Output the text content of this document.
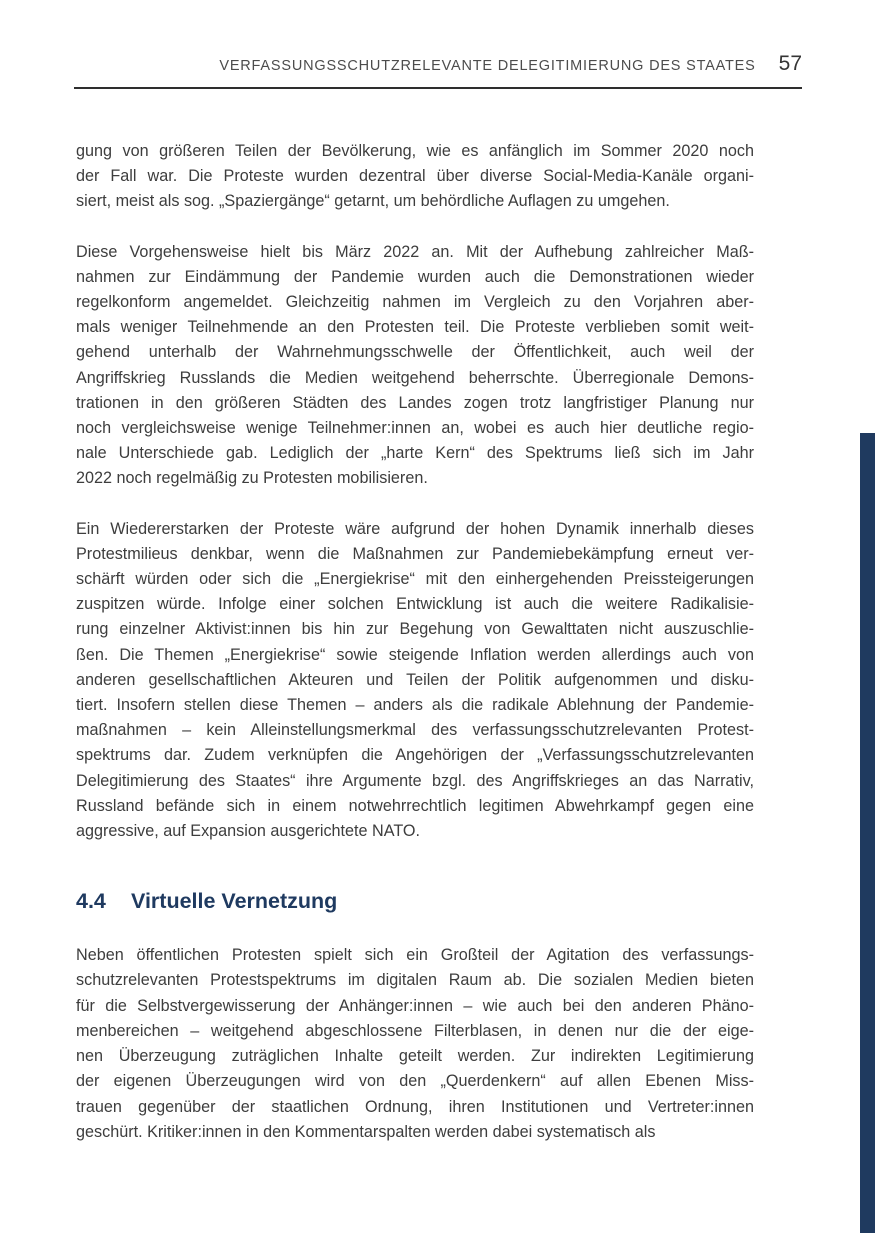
VERFASSUNGSSCHUTZRELEVANTE DELEGITIMIERUNG DES STAATES 57
gung von größeren Teilen der Bevölkerung, wie es anfänglich im Sommer 2020 noch
der Fall war. Die Proteste wurden dezentral über diverse Social-Media-Kanäle organi-
siert, meist als sog. „Spaziergänge“ getarnt, um behördliche Auflagen zu umgehen.
Diese Vorgehensweise hielt bis März 2022 an. Mit der Aufhebung zahlreicher Maß-
nahmen zur Eindämmung der Pandemie wurden auch die Demonstrationen wieder
regelkonform angemeldet. Gleichzeitig nahmen im Vergleich zu den Vorjahren aber-
mals weniger Teilnehmende an den Protesten teil. Die Proteste verblieben somit weit-
gehend unterhalb der Wahrnehmungsschwelle der Öffentlichkeit, auch weil der
Angriffskrieg Russlands die Medien weitgehend beherrschte. Überregionale Demons-
trationen in den größeren Städten des Landes zogen trotz langfristiger Planung nur
noch vergleichsweise wenige Teilnehmer:innen an, wobei es auch hier deutliche regio-
nale Unterschiede gab. Lediglich der „harte Kern“ des Spektrums ließ sich im Jahr
2022 noch regelmäßig zu Protesten mobilisieren.
Ein Wiedererstarken der Proteste wäre aufgrund der hohen Dynamik innerhalb dieses
Protestmilieus denkbar, wenn die Maßnahmen zur Pandemiebekämpfung erneut ver-
schärft würden oder sich die „Energiekrise“ mit den einhergehenden Preissteigerungen
zuspitzen würde. Infolge einer solchen Entwicklung ist auch die weitere Radikalisie-
rung einzelner Aktivist:innen bis hin zur Begehung von Gewalttaten nicht auszuschlie-
ßen. Die Themen „Energiekrise“ sowie steigende Inflation werden allerdings auch von
anderen gesellschaftlichen Akteuren und Teilen der Politik aufgenommen und disku-
tiert. Insofern stellen diese Themen – anders als die radikale Ablehnung der Pandemie-
maßnahmen – kein Alleinstellungsmerkmal des verfassungsschutzrelevanten Protest-
spektrums dar. Zudem verknüpfen die Angehörigen der „Verfassungsschutzrelevanten
Delegitimierung des Staates“ ihre Argumente bzgl. des Angriffskrieges an das Narrativ,
Russland befände sich in einem notwehrrechtlich legitimen Abwehrkampf gegen eine
aggressive, auf Expansion ausgerichtete NATO.
4.4	Virtuelle Vernetzung
Neben öffentlichen Protesten spielt sich ein Großteil der Agitation des verfassungs-
schutzrelevanten Protestspektrums im digitalen Raum ab. Die sozialen Medien bieten
für die Selbstvergewisserung der Anhänger:innen – wie auch bei den anderen Phäno-
menbereichen – weitgehend abgeschlossene Filterblasen, in denen nur die der eige-
nen Überzeugung zuträglichen Inhalte geteilt werden. Zur indirekten Legitimierung
der eigenen Überzeugungen wird von den „Querdenkern“ auf allen Ebenen Miss-
trauen gegenüber der staatlichen Ordnung, ihren Institutionen und Vertreter:innen
geschürt. Kritiker:innen in den Kommentarspalten werden dabei systematisch als
